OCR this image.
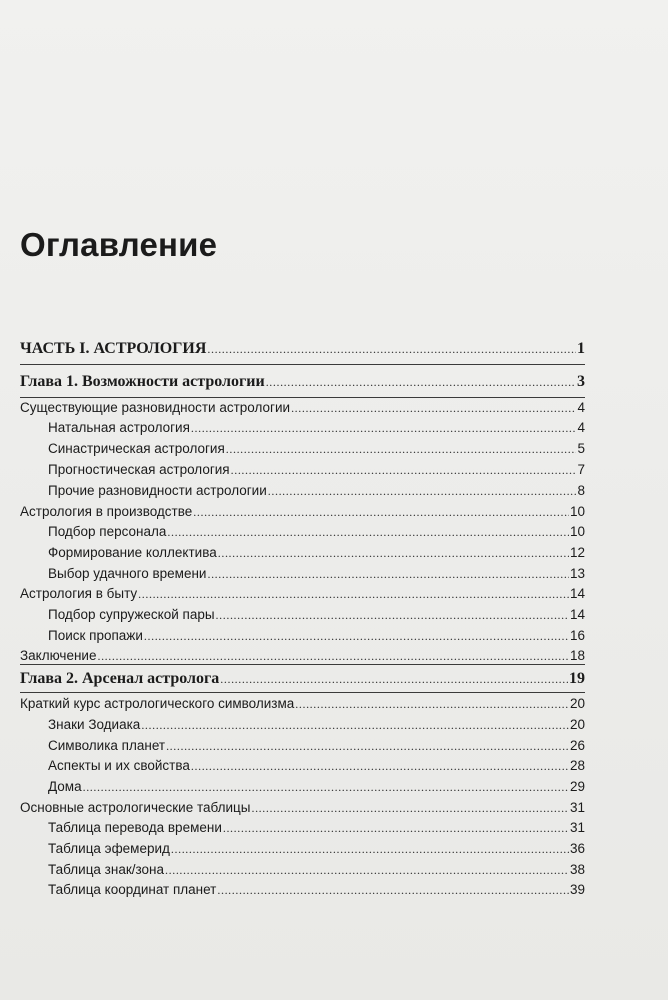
Оглавление
ЧАСТЬ I. АСТРОЛОГИЯ .....	1
Глава 1. Возможности астрологии .....	3
Существующие разновидности астрологии .....	4
Натальная астрология .....	4
Синастрическая астрология .....	5
Прогностическая астрология .....	7
Прочие разновидности астрологии .....	8
Астрология в производстве .....	10
Подбор персонала .....	10
Формирование коллектива .....	12
Выбор удачного времени .....	13
Астрология в быту .....	14
Подбор супружеской пары .....	14
Поиск пропажи .....	16
Заключение .....	18
Глава 2. Арсенал астролога .....	19
Краткий курс астрологического символизма .....	20
Знаки Зодиака .....	20
Символика планет .....	26
Аспекты и их свойства .....	28
Дома .....	29
Основные астрологические таблицы .....	31
Таблица перевода времени .....	31
Таблица эфемерид .....	36
Таблица знак/зона .....	38
Таблица координат планет .....	39
